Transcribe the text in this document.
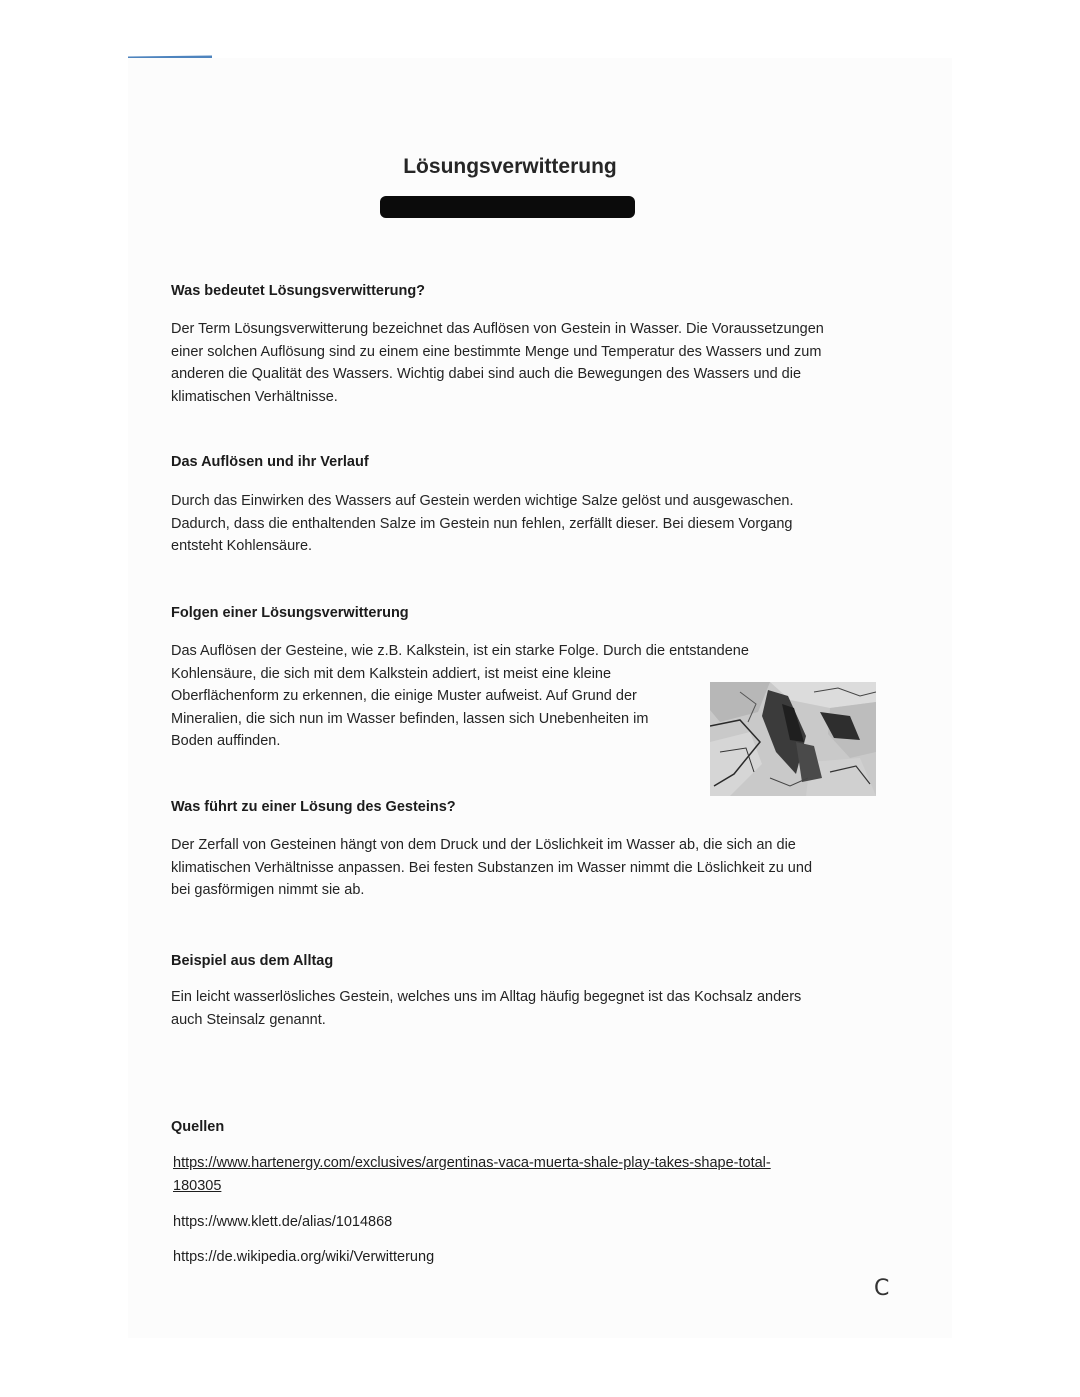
Lösungsverwitterung
Was bedeutet Lösungsverwitterung?

Der Term Lösungsverwitterung bezeichnet das Auflösen von Gestein in Wasser. Die Voraussetzungen
einer solchen Auflösung sind zu einem eine bestimmte Menge und Temperatur des Wassers und zum
anderen die Qualität des Wassers. Wichtig dabei sind auch die Bewegungen des Wassers und die
klimatischen Verhältnisse.

Das Auflösen und ihr Verlauf

Durch das Einwirken des Wassers auf Gestein werden wichtige Salze gelöst und ausgewaschen.
Dadurch, dass die enthaltenden Salze im Gestein nun fehlen, zerfällt dieser. Bei diesem Vorgang
entsteht Kohlensäure.

Folgen einer Lösungsverwitterung

Das Auflösen der Gesteine, wie z.B. Kalkstein, ist ein starke Folge. Durch die entstandene
Kohlensäure, die sich mit dem Kalkstein addiert, ist meist eine kleine
Oberflächenform zu erkennen, die einige Muster aufweist. Auf Grund der
Mineralien, die sich nun im Wasser befinden, lassen sich Unebenheiten im
Boden auffinden.

Was führt zu einer Lösung des Gesteins?

Der Zerfall von Gesteinen hängt von dem Druck und der Löslichkeit im Wasser ab, die sich an die
klimatischen Verhältnisse anpassen. Bei festen Substanzen im Wasser nimmt die Löslichkeit zu und
bei gasförmigen nimmt sie ab.

Beispiel aus dem Alltag

Ein leicht wasserlösliches Gestein, welches uns im Alltag häufig begegnet ist das Kochsalz anders
auch Steinsalz genannt.

Quellen

https://www.hartenergy.com/exclusives/argentinas-vaca-muerta-shale-play-takes-shape-total-

180305

https://www.klett.de/alias/1014868

https://de.wikipedia.org/wiki/Verwitterung

C
